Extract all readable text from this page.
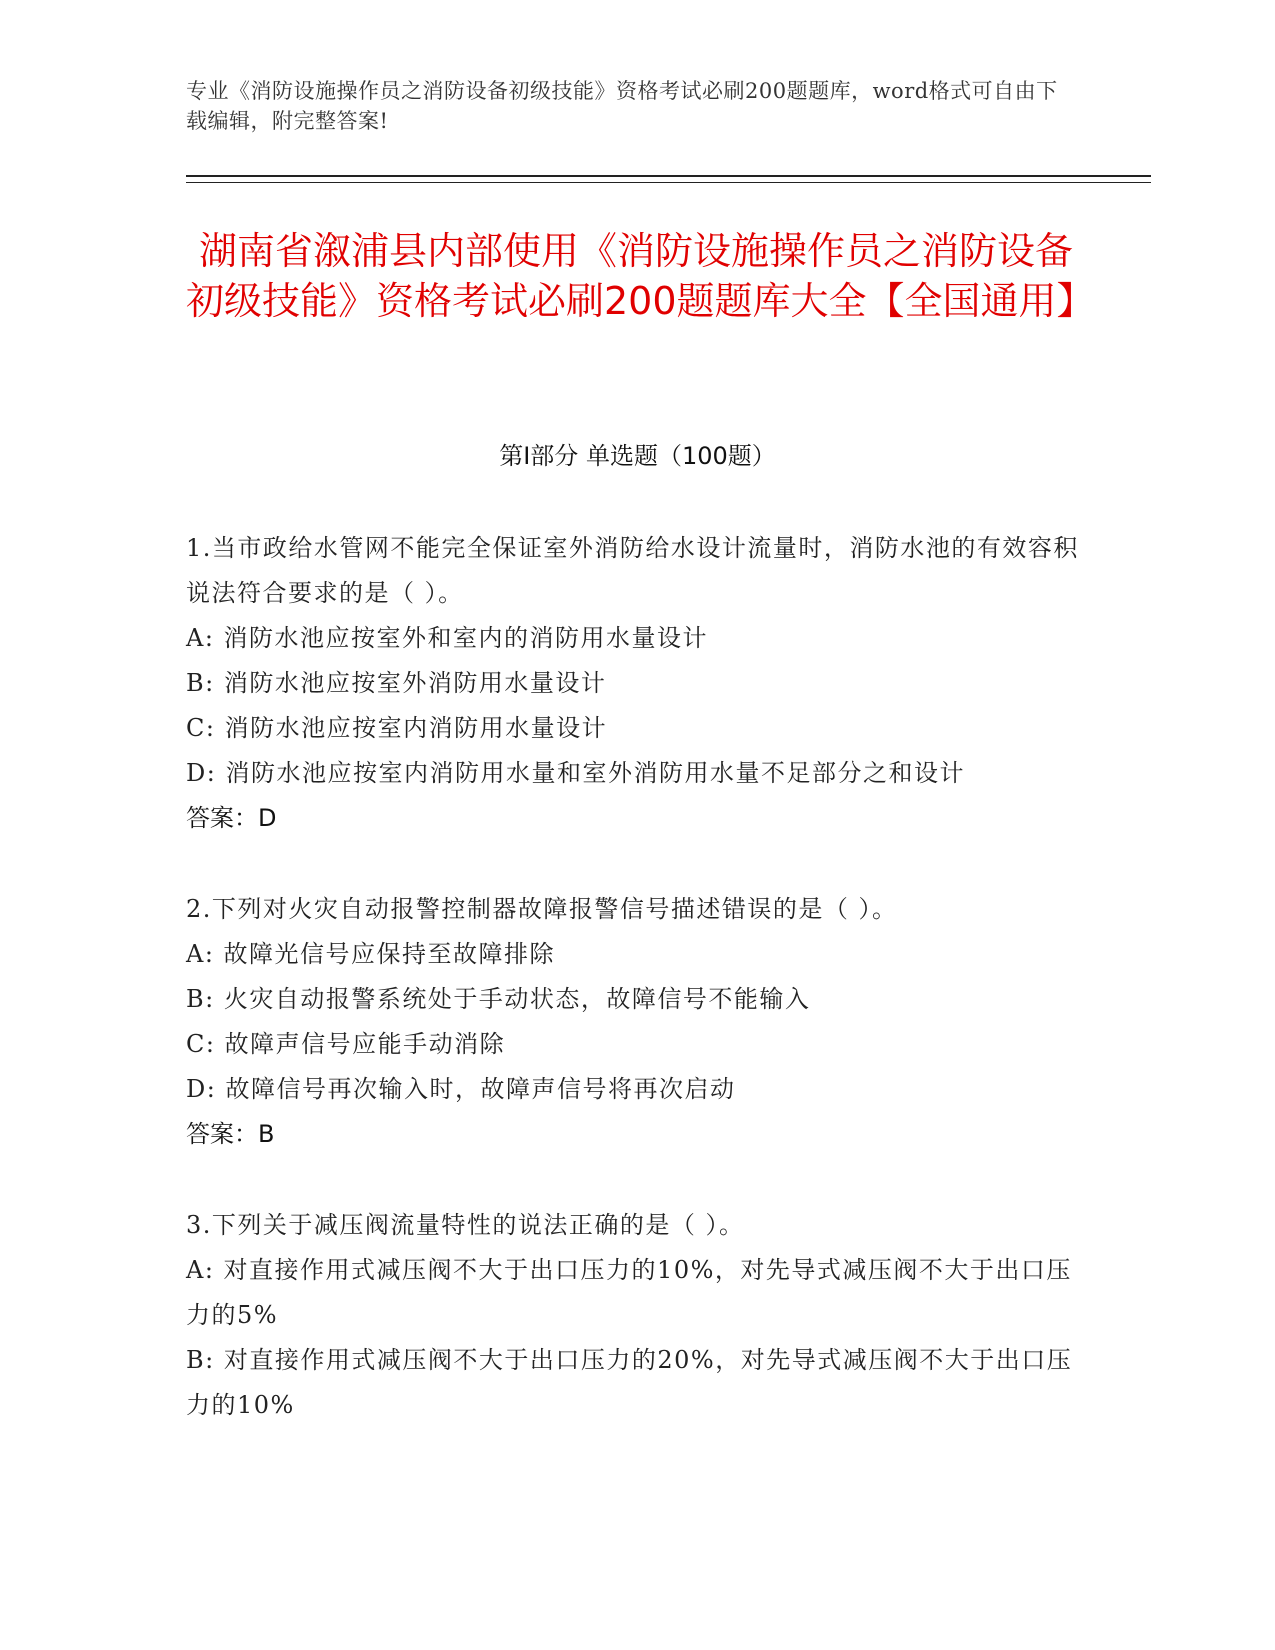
专业《消防设施操作员之消防设备初级技能》资格考试必刷200题题库，word格式可自由下载编辑，附完整答案!
湖南省溆浦县内部使用《消防设施操作员之消防设备初级技能》资格考试必刷200题题库大全【全国通用】
第I部分 单选题（100题）
1.当市政给水管网不能完全保证室外消防给水设计流量时，消防水池的有效容积说法符合要求的是（ ）。
A: 消防水池应按室外和室内的消防用水量设计
B: 消防水池应按室外消防用水量设计
C: 消防水池应按室内消防用水量设计
D: 消防水池应按室内消防用水量和室外消防用水量不足部分之和设计
答案：D
2.下列对火灾自动报警控制器故障报警信号描述错误的是（ ）。
A: 故障光信号应保持至故障排除
B: 火灾自动报警系统处于手动状态，故障信号不能输入
C: 故障声信号应能手动消除
D: 故障信号再次输入时，故障声信号将再次启动
答案：B
3.下列关于减压阀流量特性的说法正确的是（ ）。
A: 对直接作用式减压阀不大于出口压力的10%，对先导式减压阀不大于出口压力的5%
B: 对直接作用式减压阀不大于出口压力的20%，对先导式减压阀不大于出口压力的10%
